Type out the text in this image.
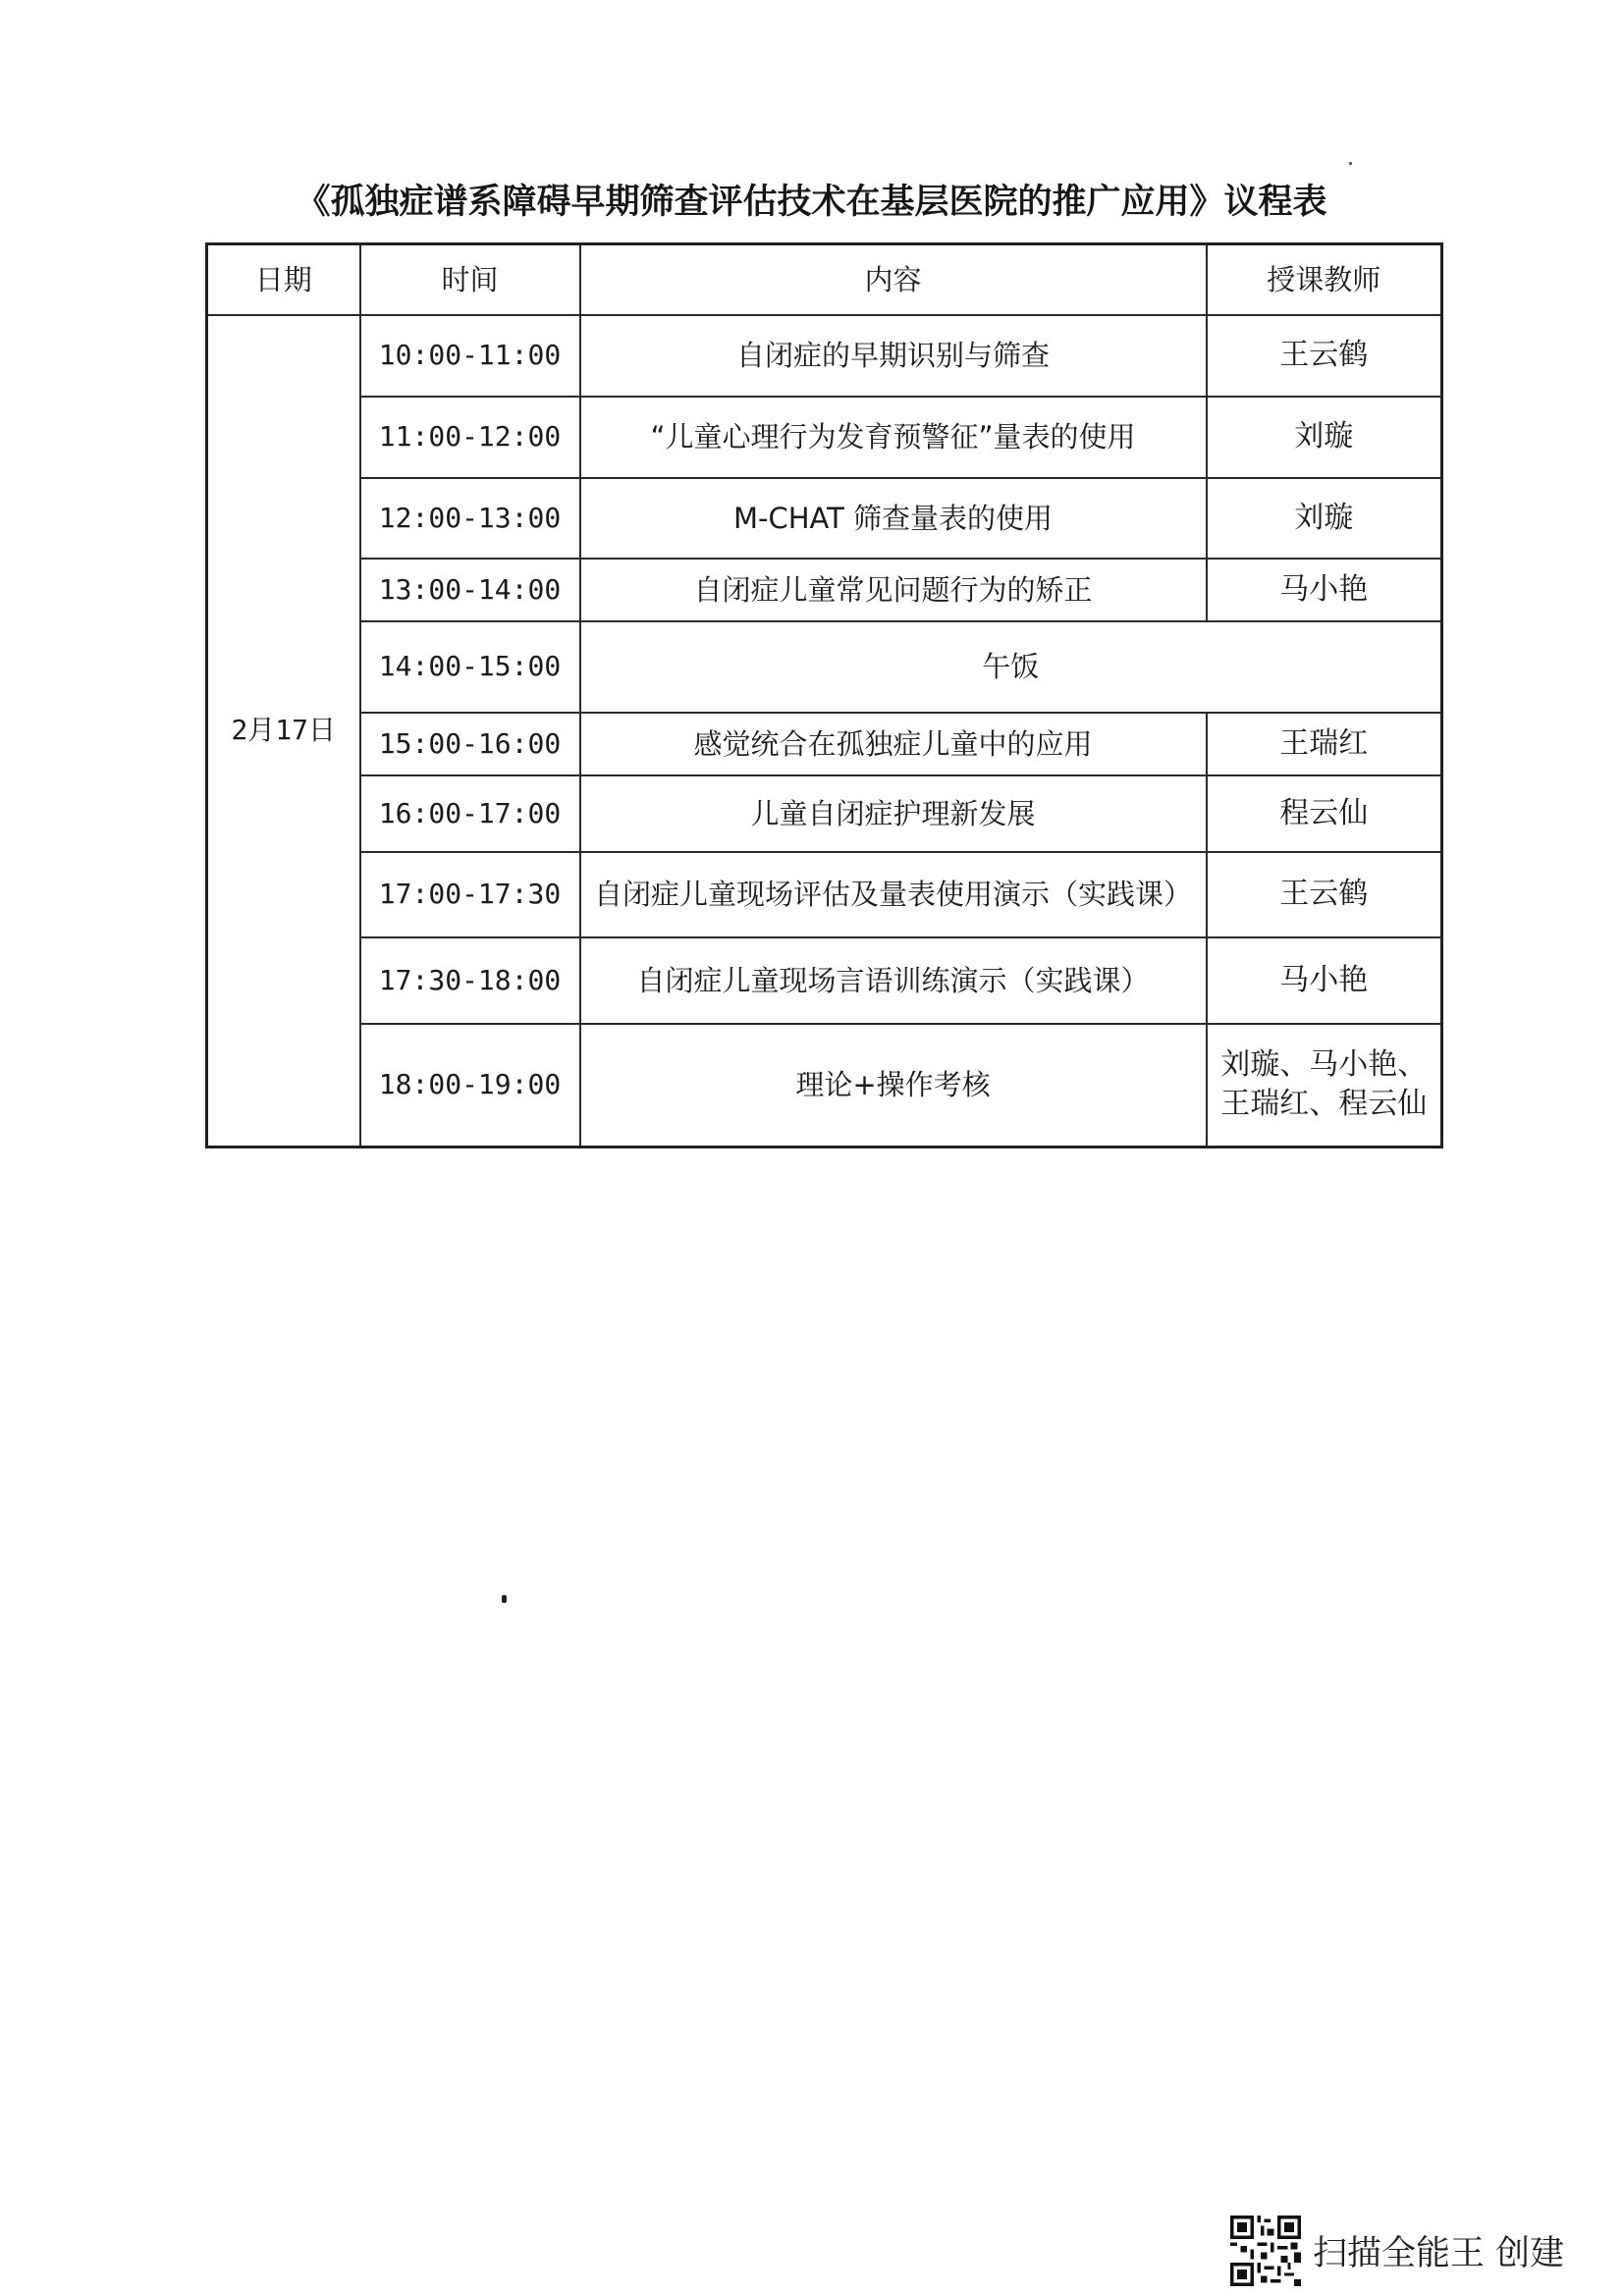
《孤独症谱系障碍早期筛查评估技术在基层医院的推广应用》议程表
日期	时间	内容	授课教师
2月17日	10:00-11:00	自闭症的早期识别与筛查	王云鹤
	11:00-12:00	“儿童心理行为发育预警征”量表的使用	刘璇
	12:00-13:00	M-CHAT 筛查量表的使用	刘璇
	13:00-14:00	自闭症儿童常见问题行为的矫正	马小艳
	14:00-15:00	午饭	
	15:00-16:00	感觉统合在孤独症儿童中的应用	王瑞红
	16:00-17:00	儿童自闭症护理新发展	程云仙
	17:00-17:30	自闭症儿童现场评估及量表使用演示（实践课）	王云鹤
	17:30-18:00	自闭症儿童现场言语训练演示（实践课）	马小艳
	18:00-19:00	理论+操作考核	刘璇、马小艳、王瑞红、程云仙
扫描全能王 创建
